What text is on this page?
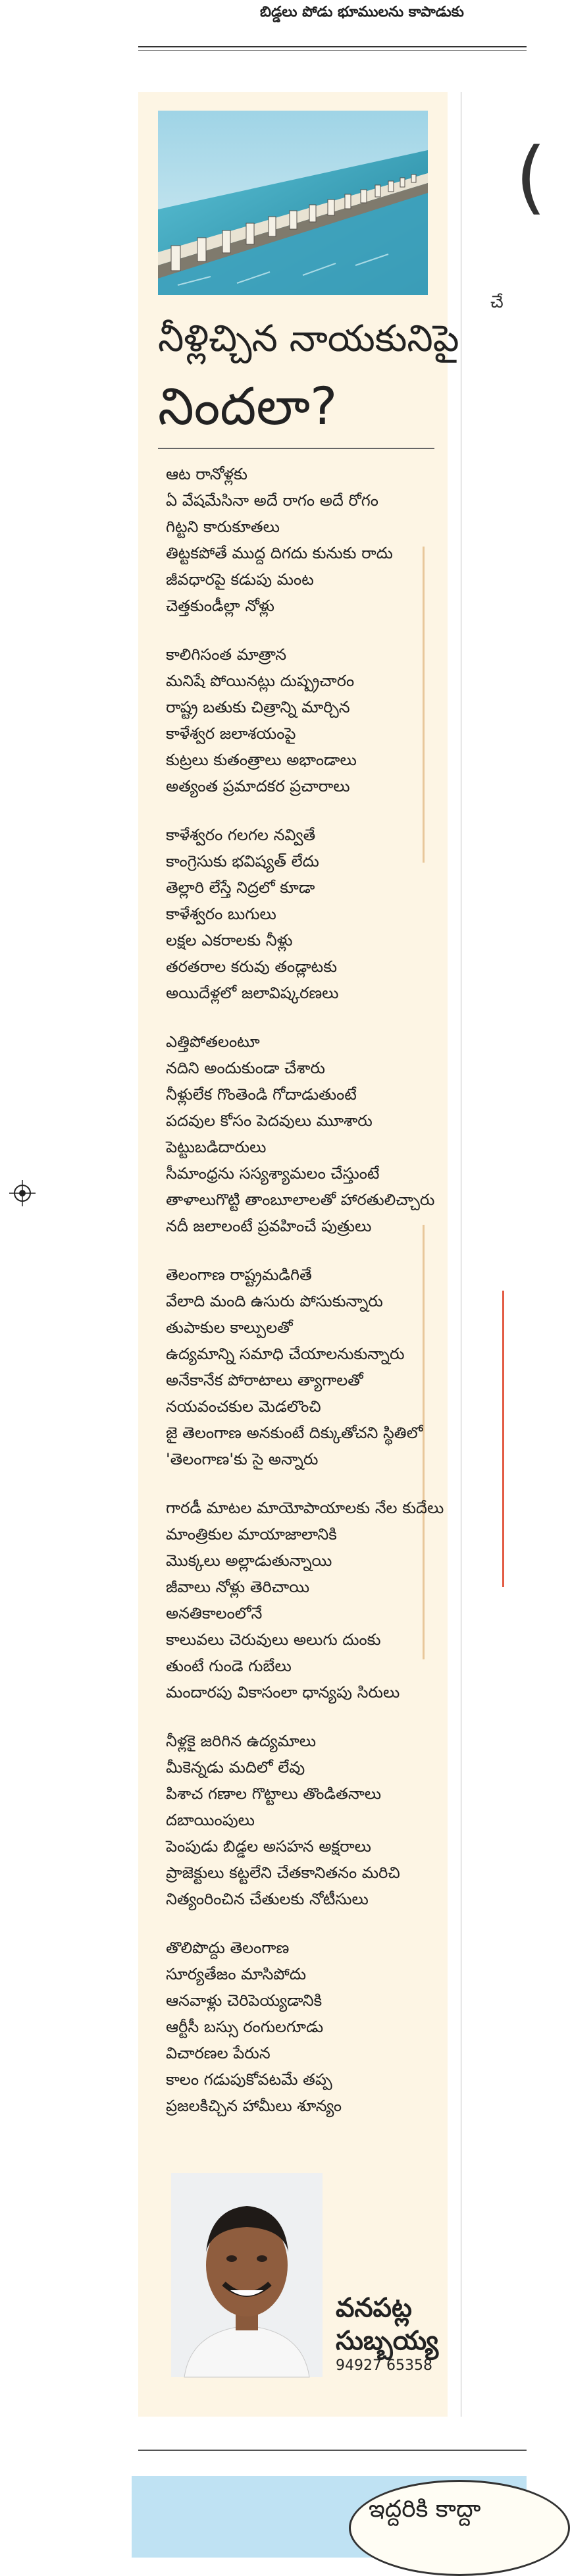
బిడ్డలు పోడు భూములను కాపాడుకు
నీళ్లిచ్చిన నాయకునిపై
నిందలా?
ఆట రానోళ్లకు
ఏ వేషమేసినా అదే రాగం అదే రోగం
గిట్టని కారుకూతలు
తిట్టకపోతే ముద్ద దిగదు కునుకు రాదు
జీవధారపై కడుపు మంట
చెత్తకుండీల్లా నోళ్లు
కాలిగిసంత మాత్రాన
మనిషే పోయినట్లు దుష్ప్రచారం
రాష్ట్ర బతుకు చిత్రాన్ని మార్చిన
కాళేశ్వర జలాశయంపై
కుట్రలు కుతంత్రాలు అభాండాలు
అత్యంత ప్రమాదకర ప్రచారాలు
కాళేశ్వరం గలగల నవ్వితే
కాంగ్రెసుకు భవిష్యత్ లేదు
తెల్లారి లేస్తే నిద్రలో కూడా
కాళేశ్వరం బుగులు
లక్షల ఎకరాలకు నీళ్లు
తరతరాల కరువు తండ్లాటకు
అయిదేళ్లలో జలావిష్కరణలు
ఎత్తిపోతలంటూ
నదిని అందుకుండా చేశారు
నీళ్లులేక గొంతెండి గోదాడుతుంటే
పదవుల కోసం పెదవులు మూశారు
పెట్టుబడిదారులు
సీమాంధ్రను సస్యశ్యామలం చేస్తుంటే
తాళాలుగొట్టి తాంబూలాలతో హారతులిచ్చారు
నదీ జలాలంటే ప్రవహించే పుత్రులు
తెలంగాణ రాష్ట్రమడిగితే
వేలాది మంది ఉసురు పోసుకున్నారు
తుపాకుల కాల్పులతో
ఉద్యమాన్ని సమాధి చేయాలనుకున్నారు
అనేకానేక పోరాటాలు త్యాగాలతో
నయవంచకుల మెడలొంచి
జై తెలంగాణ అనకుంటే దిక్కుతోచని స్థితిలో
'తెలంగాణ'కు సై అన్నారు
గారడీ మాటల మాయోపాయాలకు నేల కుదేలు
మాంత్రికుల మాయాజాలానికి
మొక్కలు అల్లాడుతున్నాయి
జీవాలు నోళ్లు తెరిచాయి
అనతికాలంలోనే
కాలువలు చెరువులు అలుగు దుంకు
తుంటే గుండె గుబేలు
మందారపు వికాసంలా ధాన్యపు సిరులు
నీళ్లకై జరిగిన ఉద్యమాలు
మీకెన్నడు మదిలో లేవు
పిశాచ గణాల గొట్టాలు తొండితనాలు
దబాయింపులు
పెంపుడు బిడ్డల అసహన అక్షరాలు
ప్రాజెక్టులు కట్టలేని చేతకానితనం మరిచి
నిత్యంరించిన చేతులకు నోటీసులు
తొలిపొద్దు తెలంగాణ
సూర్యతేజం మాసిపోదు
ఆనవాళ్లు చెరిపెయ్యడానికి
ఆర్టీసీ బస్సు రంగులగూడు
విచారణల పేరున
కాలం గడుపుకోవటమే తప్ప
ప్రజలకిచ్చిన హామీలు శూన్యం
వనపట్ల
సుబ్బయ్య
94927 65358
(
చే
ఇద్దరికి కాద్దా
